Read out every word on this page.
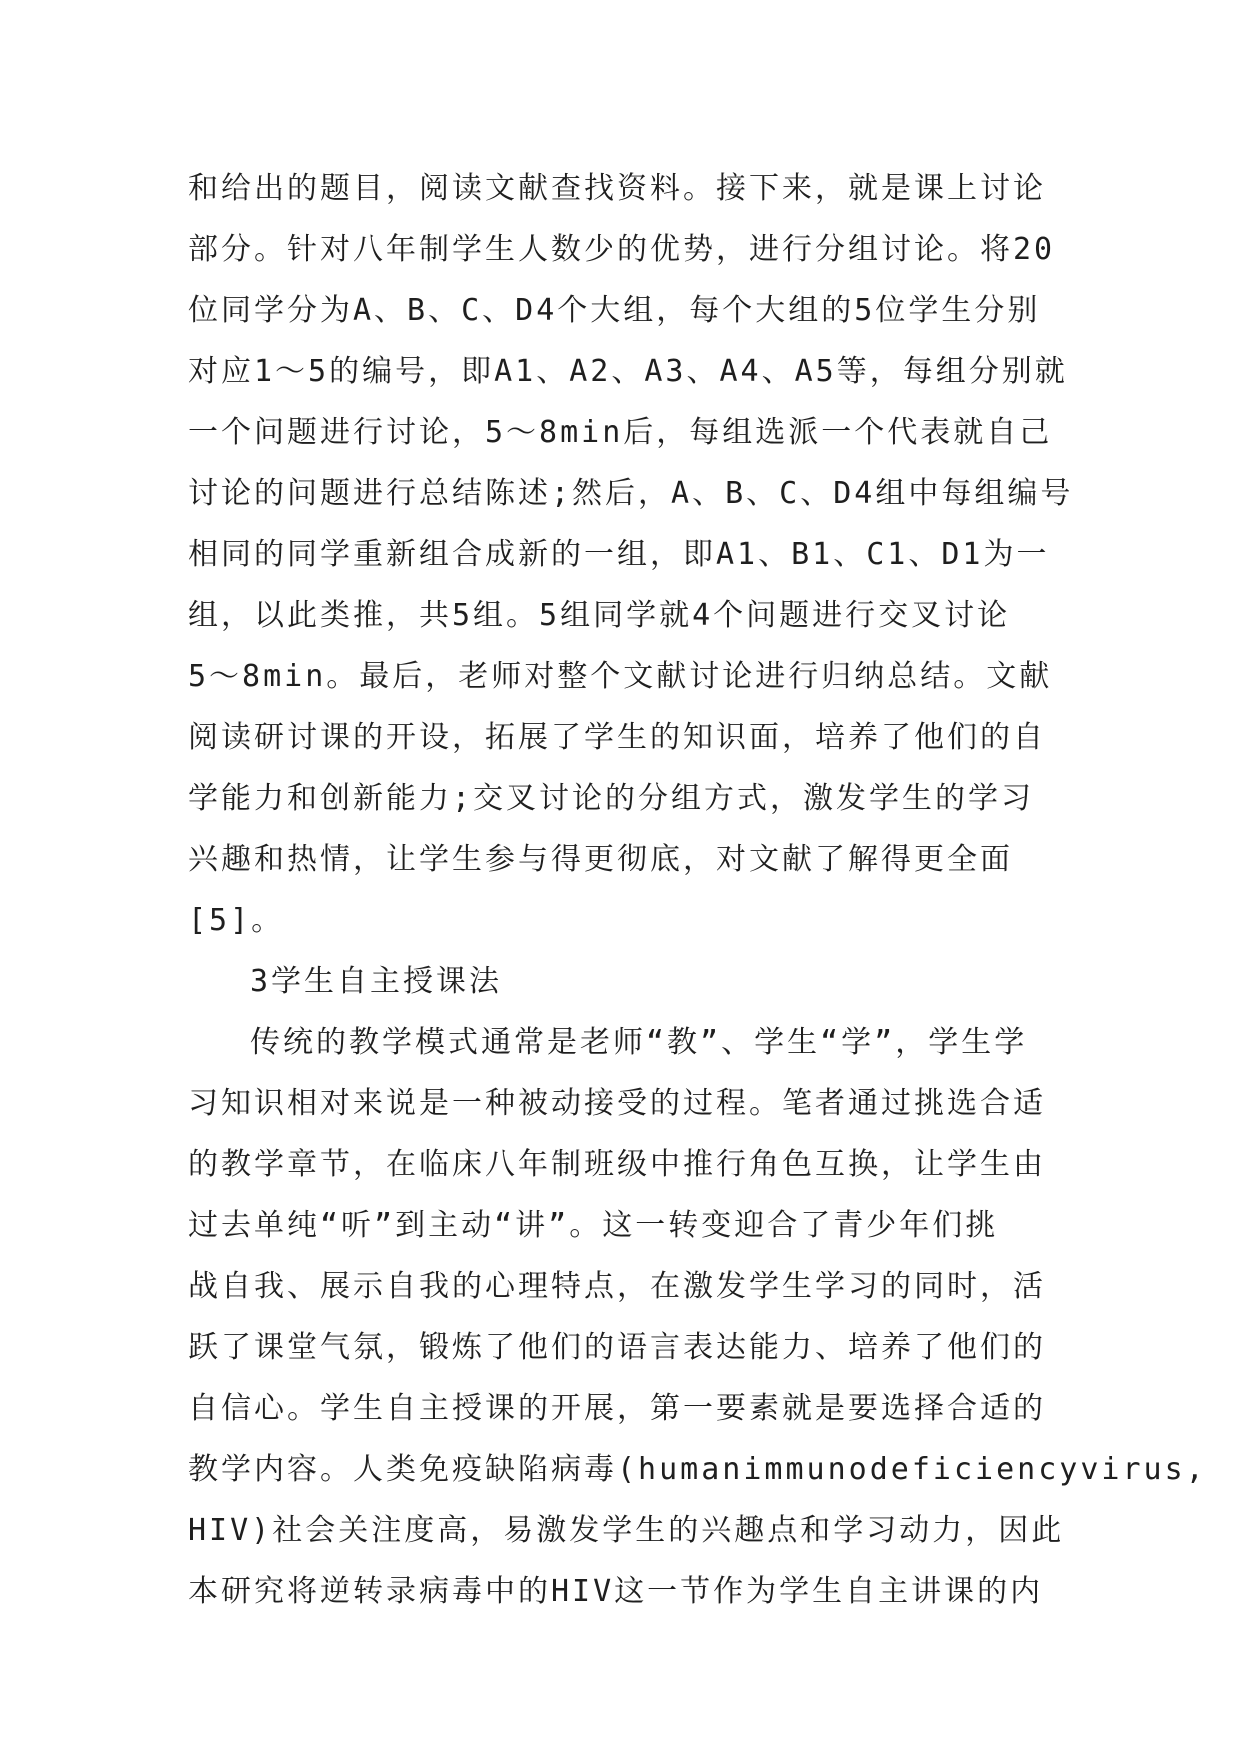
和给出的题目，阅读文献查找资料。接下来，就是课上讨论
部分。针对八年制学生人数少的优势，进行分组讨论。将20
位同学分为A、B、C、D4个大组，每个大组的5位学生分别
对应1～5的编号，即A1、A2、A3、A4、A5等，每组分别就
一个问题进行讨论，5～8min后，每组选派一个代表就自己
讨论的问题进行总结陈述;然后，A、B、C、D4组中每组编号
相同的同学重新组合成新的一组，即A1、B1、C1、D1为一
组，以此类推，共5组。5组同学就4个问题进行交叉讨论
5～8min。最后，老师对整个文献讨论进行归纳总结。文献
阅读研讨课的开设，拓展了学生的知识面，培养了他们的自
学能力和创新能力;交叉讨论的分组方式，激发学生的学习
兴趣和热情，让学生参与得更彻底，对文献了解得更全面
[5]。
3学生自主授课法
传统的教学模式通常是老师“教”、学生“学”，学生学
习知识相对来说是一种被动接受的过程。笔者通过挑选合适
的教学章节，在临床八年制班级中推行角色互换，让学生由
过去单纯“听”到主动“讲”。这一转变迎合了青少年们挑
战自我、展示自我的心理特点，在激发学生学习的同时，活
跃了课堂气氛，锻炼了他们的语言表达能力、培养了他们的
自信心。学生自主授课的开展，第一要素就是要选择合适的
教学内容。人类免疫缺陷病毒(humanimmunodeficiencyvirus,
HIV)社会关注度高，易激发学生的兴趣点和学习动力，因此
本研究将逆转录病毒中的HIV这一节作为学生自主讲课的内
